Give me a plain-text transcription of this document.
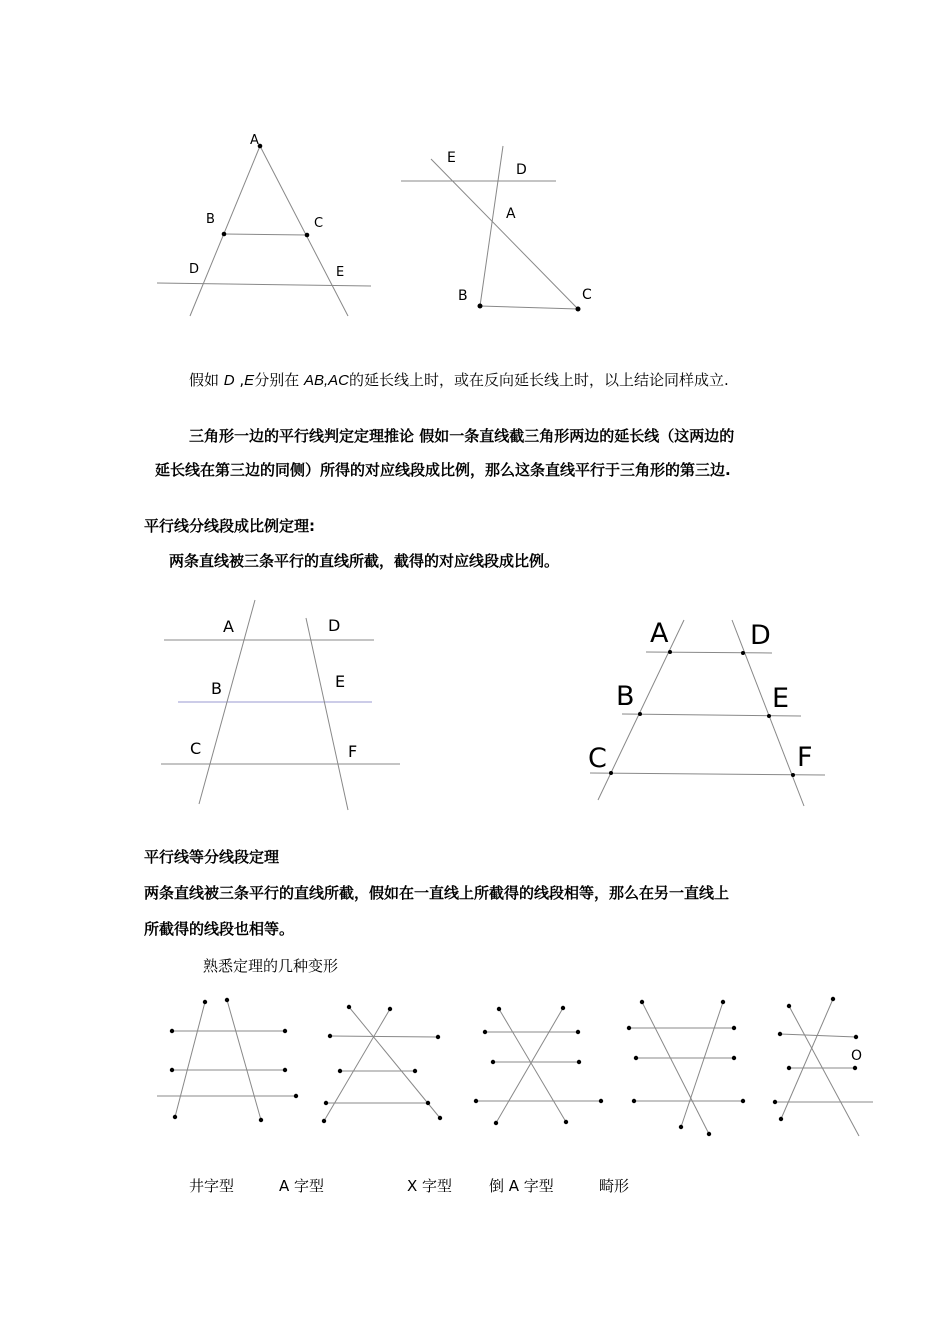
A
B	C
D	E
E
D
A
B	C
假如 D ,E分别在 AB,AC的延长线上时，或在反向延长线上时，以上结论同样成立.
三角形一边的平行线判定定理推论 假如一条直线截三角形两边的延长线（这两边的
延长线在第三边的同侧）所得的对应线段成比例，那么这条直线平行于三角形的第三边.
平行线分线段成比例定理:
两条直线被三条平行的直线所截，截得的对应线段成比例。
A	D
B	E
C	F
A	D
B	E
C	F
平行线等分线段定理
两条直线被三条平行的直线所截，假如在一直线上所截得的线段相等，那么在另一直线上
所截得的线段也相等。
熟悉定理的几种变形
O
井字型	A 字型	X 字型 倒 A 字型	畸形
